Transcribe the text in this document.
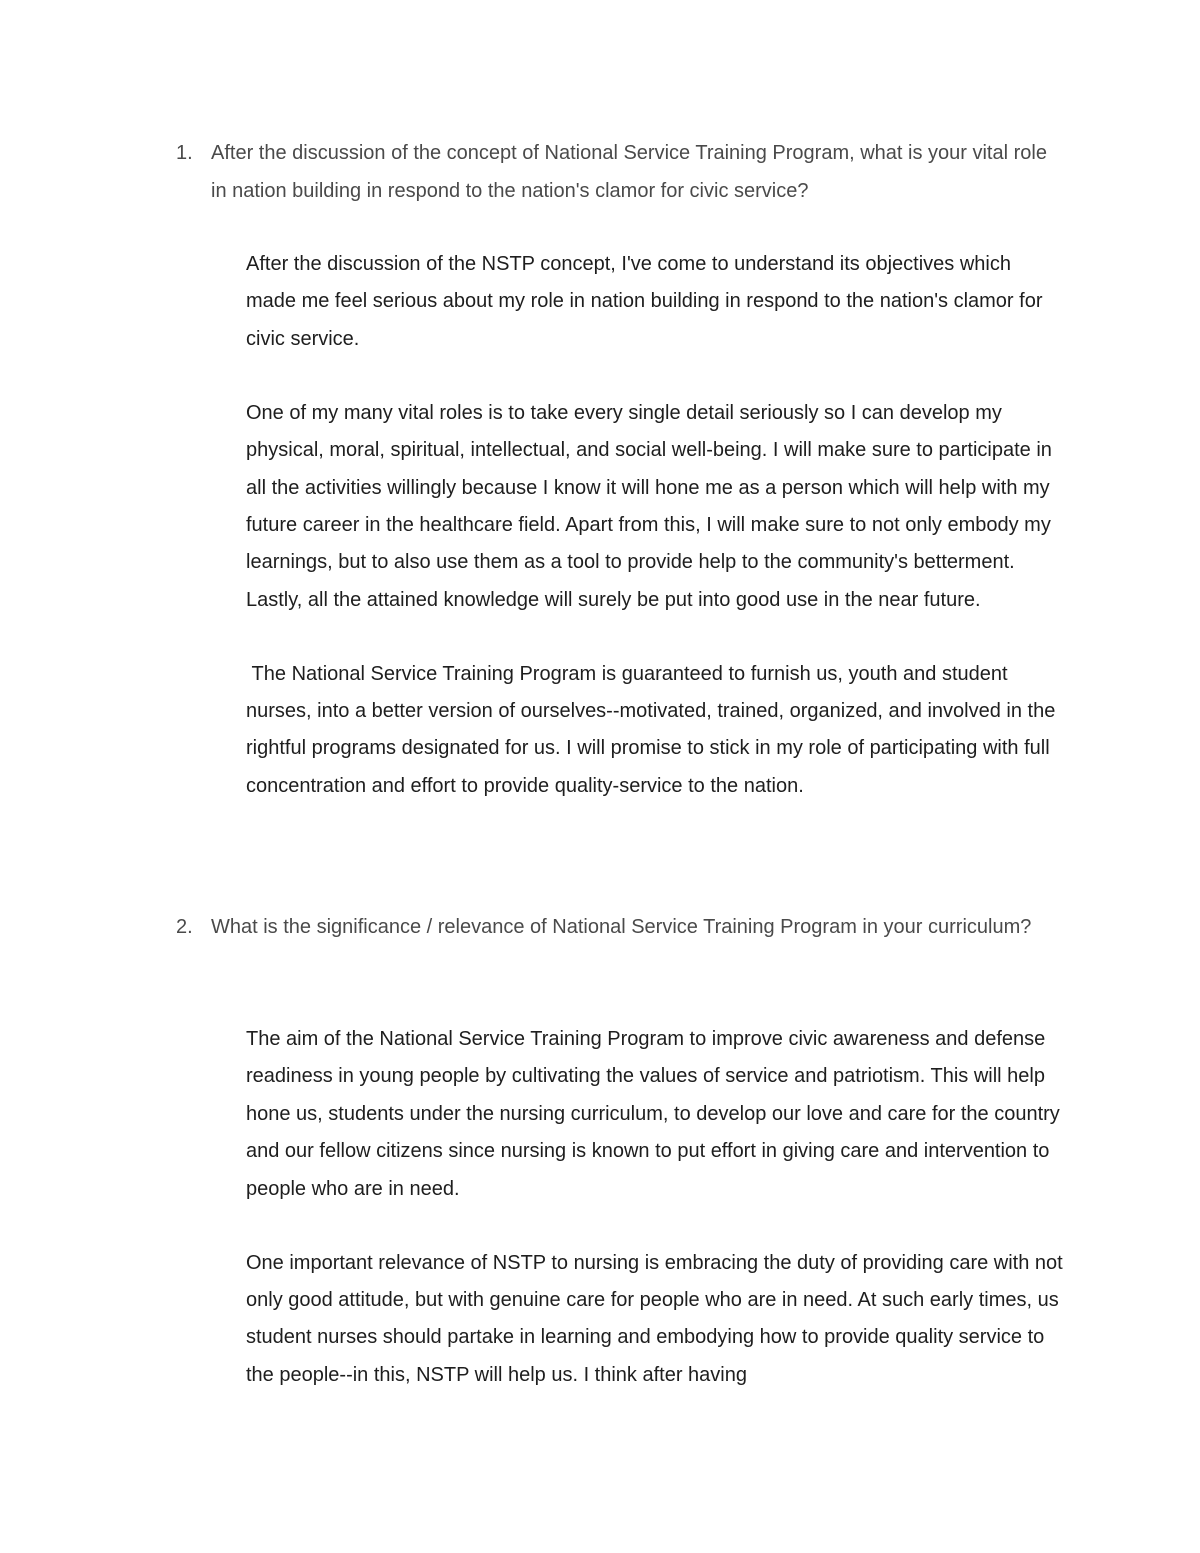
1. After the discussion of the concept of National Service Training Program, what is your vital role in nation building in respond to the nation's clamor for civic service?

After the discussion of the NSTP concept, I've come to understand its objectives which made me feel serious about my role in nation building in respond to the nation's clamor for civic service.

One of my many vital roles is to take every single detail seriously so I can develop my physical, moral, spiritual, intellectual, and social well-being. I will make sure to participate in all the activities willingly because I know it will hone me as a person which will help with my future career in the healthcare field. Apart from this, I will make sure to not only embody my learnings, but to also use them as a tool to provide help to the community's betterment. Lastly, all the attained knowledge will surely be put into good use in the near future.

The National Service Training Program is guaranteed to furnish us, youth and student nurses, into a better version of ourselves--motivated, trained, organized, and involved in the rightful programs designated for us. I will promise to stick in my role of participating with full concentration and effort to provide quality-service to the nation.

2. What is the significance / relevance of National Service Training Program in your curriculum?

The aim of the National Service Training Program to improve civic awareness and defense readiness in young people by cultivating the values of service and patriotism. This will help hone us, students under the nursing curriculum, to develop our love and care for the country and our fellow citizens since nursing is known to put effort in giving care and intervention to people who are in need.

One important relevance of NSTP to nursing is embracing the duty of providing care with not only good attitude, but with genuine care for people who are in need. At such early times, us student nurses should partake in learning and embodying how to provide quality service to the people--in this, NSTP will help us. I think after having
